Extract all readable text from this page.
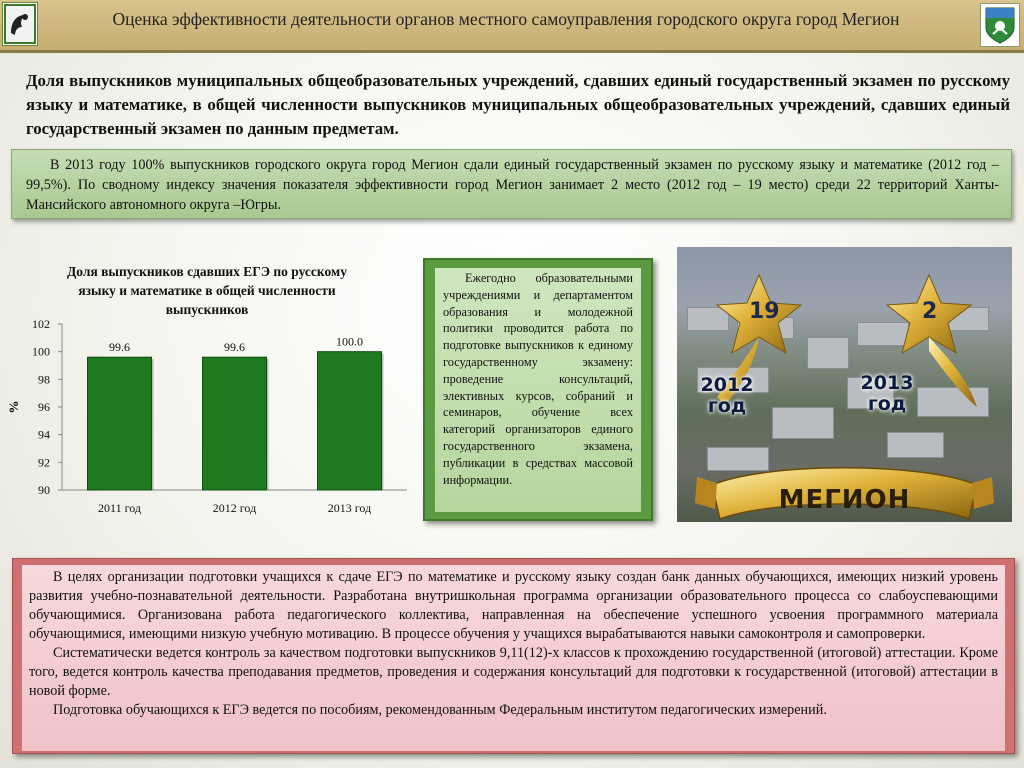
Оценка эффективности деятельности органов местного самоуправления городского округа город Мегион
Доля выпускников муниципальных общеобразовательных учреждений, сдавших единый государственный экзамен по русскому языку и математике, в общей численности выпускников муниципальных общеобразовательных учреждений, сдавших единый государственный экзамен по данным предметам.
В 2013 году 100% выпускников городского округа город Мегион сдали единый государственный экзамен по русскому языку и математике (2012 год – 99,5%). По сводному индексу значения показателя эффективности город Мегион занимает 2 место (2012 год – 19 место) среди 22 территорий Ханты-Мансийского автономного округа –Югры.
90
92
94
96
98
100
102
%
99.6
2011 год
99.6
2012 год
100.0
2013 год
Доля выпускников сдавших ЕГЭ по русскому языку и математике в общей численности выпускников
Ежегодно образовательными учреждениями и департаментом образования и молодежной политики проводится работа по подготовке выпускников к единому государственному экзамену: проведение консультаций, элективных курсов, собраний и семинаров, обучение всех категорий организаторов единого государственного экзамена, публикации в средствах массовой информации.
19	2
2012 год
2013 год
МЕГИОН

В целях организации подготовки учащихся к сдаче ЕГЭ по математике и русскому языку создан банк данных обучающихся, имеющих низкий уровень развития учебно-познавательной деятельности. Разработана внутришкольная программа организации образовательного процесса со слабоуспевающими обучающимися. Организована работа педагогического коллектива, направленная на обеспечение успешного усвоения программного материала обучающимися, имеющими низкую учебную мотивацию. В процессе обучения у учащихся вырабатываются навыки самоконтроля и самопроверки.

Систематически ведется контроль за качеством подготовки выпускников 9,11(12)-х классов к прохождению государственной (итоговой) аттестации. Кроме того, ведется контроль качества преподавания предметов, проведения и содержания консультаций для подготовки к государственной (итоговой) аттестации в новой форме.

Подготовка обучающихся к ЕГЭ ведется по пособиям, рекомендованным Федеральным институтом педагогических измерений.
